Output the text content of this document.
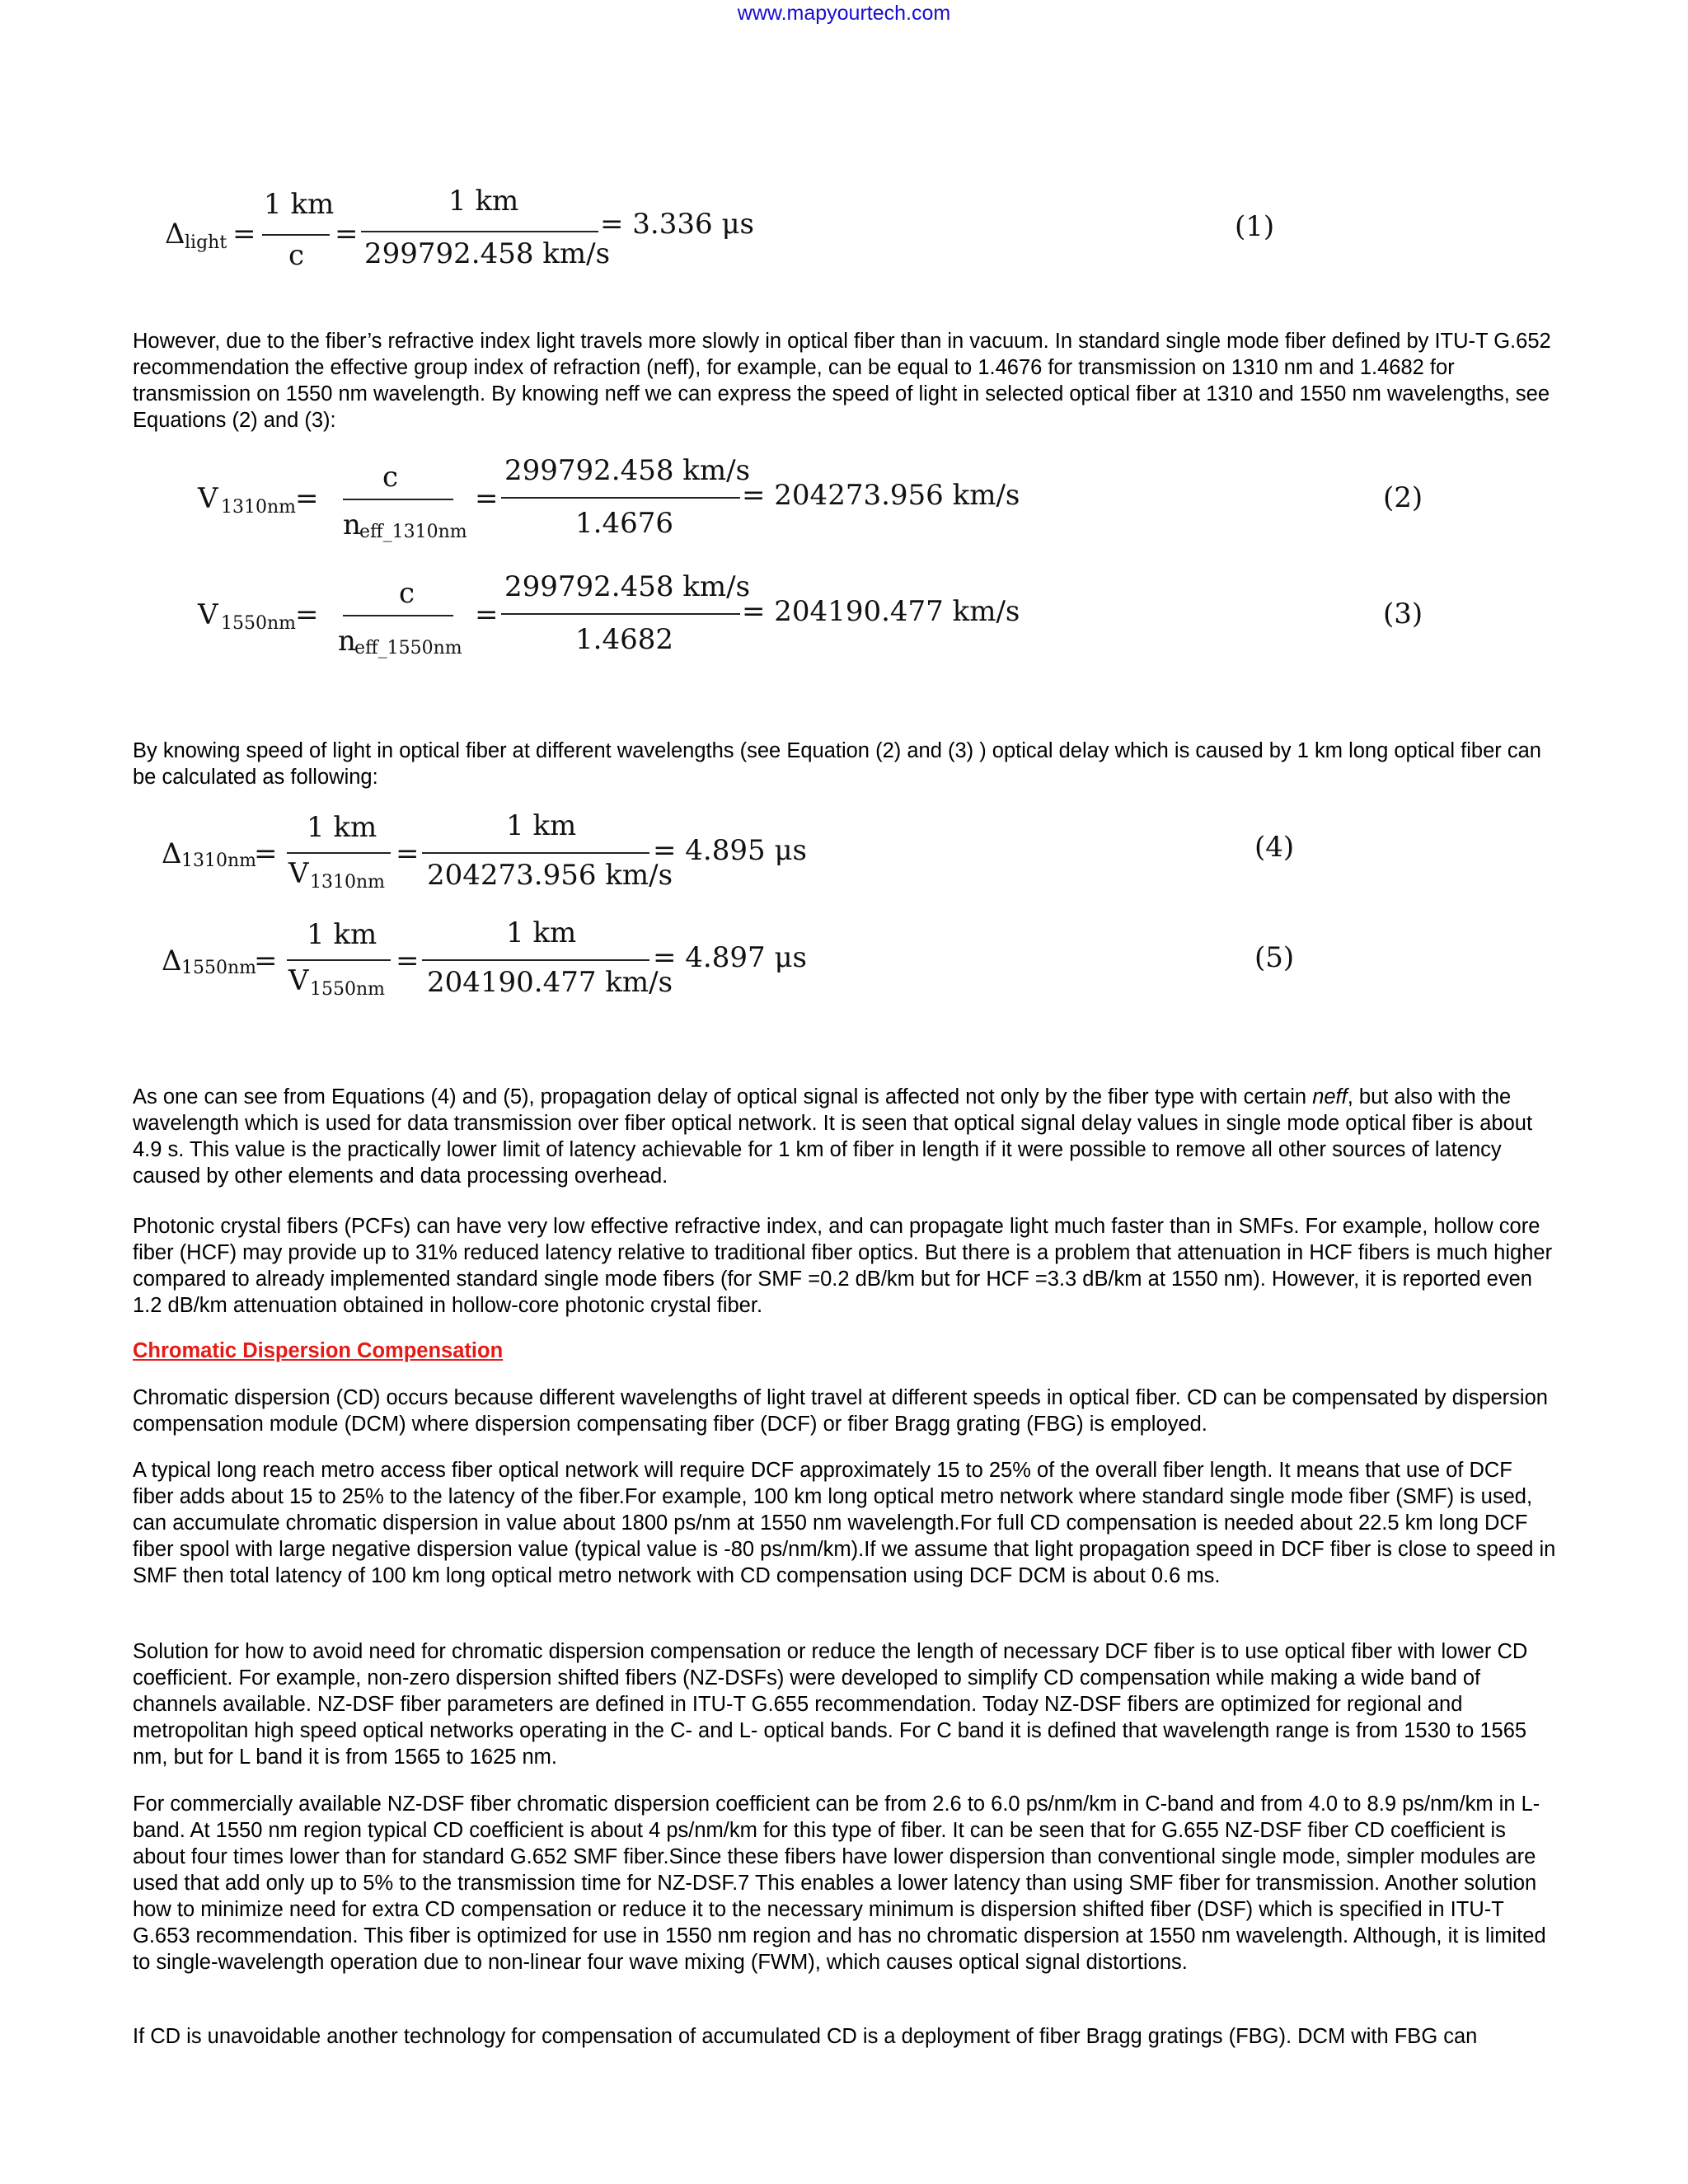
www.mapyourtech.com
Δ light =
1 km
c
=
1 km
299792.458 km/s
= 3.336 μs	(1)

However, due to the fiber’s refractive index light travels more slowly in optical fiber than in vacuum. In standard single mode fiber defined by ITU-T G.652 recommendation the effective group index of refraction (neff), for example, can be equal to 1.4676 for transmission on 1310 nm and 1.4682 for transmission on 1550 nm wavelength. By knowing neff we can express the speed of light in selected optical fiber at 1310 and 1550 nm wavelengths, see Equations (2) and (3):

V 1310nm
=
c
n
eff_1310nm
=
299792.458 km/s
1.4676
= 204273.956 km/s	(2)
V 1550nm
=
c
n
eff_1550nm
=
299792.458 km/s
1.4682
= 204190.477 km/s	(3)

By knowing speed of light in optical fiber at different wavelengths (see Equation (2) and (3) ) optical delay which is caused by 1 km long optical fiber can be calculated as following:

Δ 1310nm
=
1 km
V 1310nm
=
1 km
204273.956 km/s
= 4.895 μs	(4)
Δ 1550nm
=
1 km
V 1550nm
=
1 km
204190.477 km/s
= 4.897 μs	(5)

As one can see from Equations (4) and (5), propagation delay of optical signal is affected not only by the fiber type with certain neff, but also with the wavelength which is used for data transmission over fiber optical network. It is seen that optical signal delay values in single mode optical fiber is about 4.9 s. This value is the practically lower limit of latency achievable for 1 km of fiber in length if it were possible to remove all other sources of latency caused by other elements and data processing overhead.

Photonic crystal fibers (PCFs) can have very low effective refractive index, and can propagate light much faster than in SMFs. For example, hollow core fiber (HCF) may provide up to 31% reduced latency relative to traditional fiber optics. But there is a problem that attenuation in HCF fibers is much higher compared to already implemented standard single mode fibers (for SMF =0.2 dB/km but for HCF =3.3 dB/km at 1550 nm). However, it is reported even 1.2 dB/km attenuation obtained in hollow-core photonic crystal fiber.

Chromatic Dispersion Compensation

Chromatic dispersion (CD) occurs because different wavelengths of light travel at different speeds in optical fiber. CD can be compensated by dispersion compensation module (DCM) where dispersion compensating fiber (DCF) or fiber Bragg grating (FBG) is employed.

A typical long reach metro access fiber optical network will require DCF approximately 15 to 25% of the overall fiber length. It means that use of DCF fiber adds about 15 to 25% to the latency of the fiber.For example, 100 km long optical metro network where standard single mode fiber (SMF) is used, can accumulate chromatic dispersion in value about 1800 ps/nm at 1550 nm wavelength.For full CD compensation is needed about 22.5 km long DCF fiber spool with large negative dispersion value (typical value is -80 ps/nm/km).If we assume that light propagation speed in DCF fiber is close to speed in SMF then total latency of 100 km long optical metro network with CD compensation using DCF DCM is about 0.6 ms.

Solution for how to avoid need for chromatic dispersion compensation or reduce the length of necessary DCF fiber is to use optical fiber with lower CD coefficient. For example, non-zero dispersion shifted fibers (NZ-DSFs) were developed to simplify CD compensation while making a wide band of channels available. NZ-DSF fiber parameters are defined in ITU-T G.655 recommendation. Today NZ-DSF fibers are optimized for regional and metropolitan high speed optical networks operating in the C- and L- optical bands. For C band it is defined that wavelength range is from 1530 to 1565 nm, but for L band it is from 1565 to 1625 nm.

For commercially available NZ-DSF fiber chromatic dispersion coefficient can be from 2.6 to 6.0 ps/nm/km in C-band and from 4.0 to 8.9 ps/nm/km in L-band. At 1550 nm region typical CD coefficient is about 4 ps/nm/km for this type of fiber. It can be seen that for G.655 NZ-DSF fiber CD coefficient is about four times lower than for standard G.652 SMF fiber.Since these fibers have lower dispersion than conventional single mode, simpler modules are used that add only up to 5% to the transmission time for NZ-DSF.7 This enables a lower latency than using SMF fiber for transmission. Another solution how to minimize need for extra CD compensation or reduce it to the necessary minimum is dispersion shifted fiber (DSF) which is specified in ITU-T G.653 recommendation. This fiber is optimized for use in 1550 nm region and has no chromatic dispersion at 1550 nm wavelength. Although, it is limited to single-wavelength operation due to non-linear four wave mixing (FWM), which causes optical signal distortions.

If CD is unavoidable another technology for compensation of accumulated CD is a deployment of fiber Bragg gratings (FBG). DCM with FBG can
